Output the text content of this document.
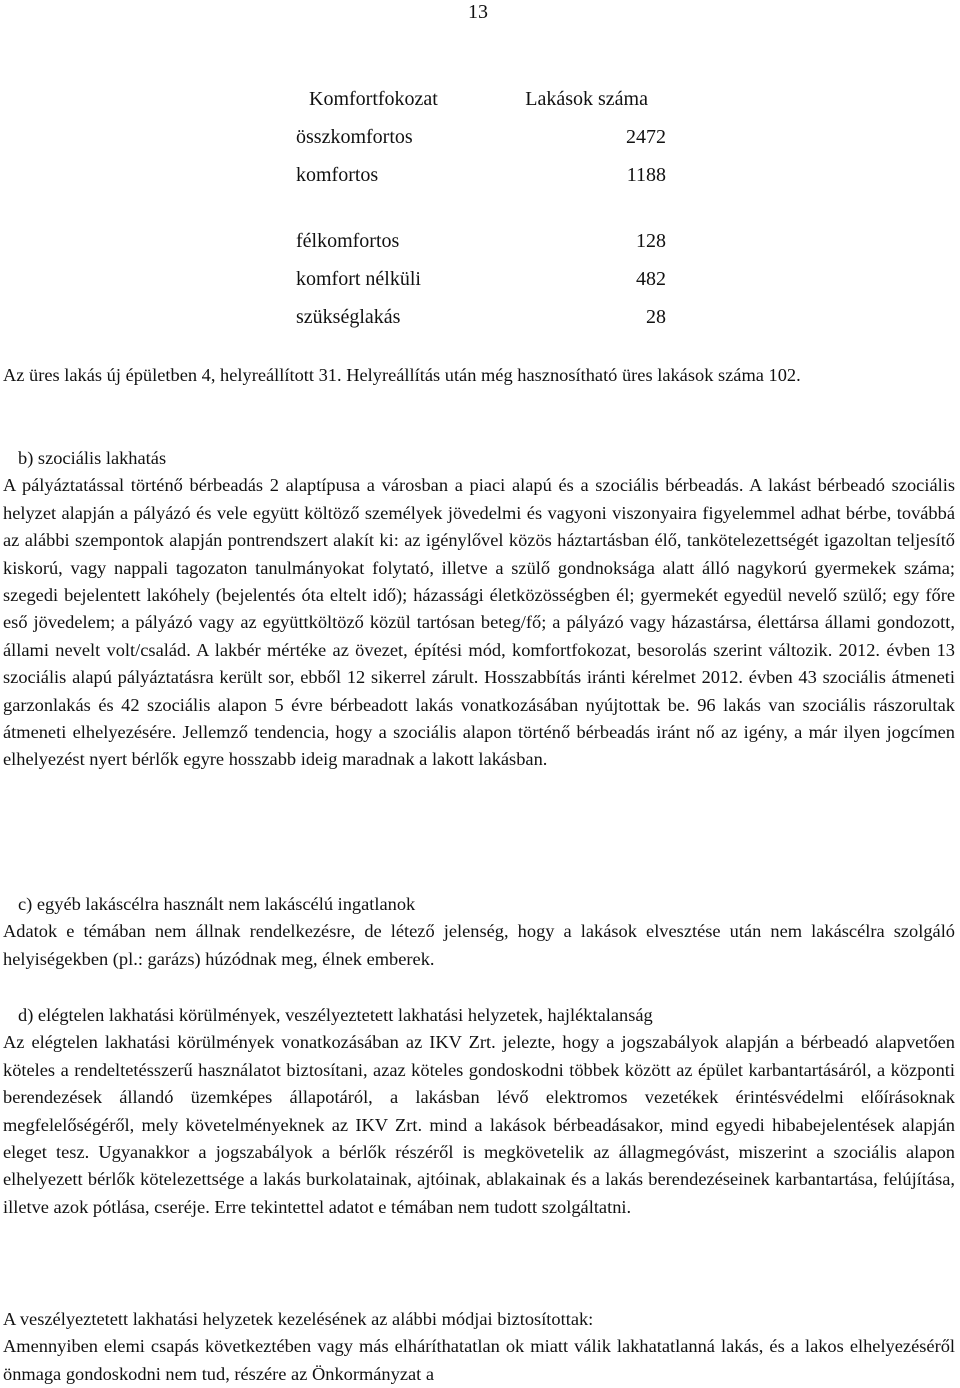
13
Komfortfokozat	Lakások száma
összkomfortos	2472
komfortos	1188
félkomfortos	128
komfort nélküli	482
szükséglakás	28

Az üres lakás új épületben 4, helyreállított 31. Helyreállítás után még hasznosítható üres lakások száma 102.

b) szociális lakhatás

A pályáztatással történő bérbeadás 2 alaptípusa a városban a piaci alapú és a szociális bérbeadás. A lakást bérbeadó szociális helyzet alapján a pályázó és vele együtt költöző személyek jövedelmi és vagyoni viszonyaira figyelemmel adhat bérbe, továbbá az alábbi szempontok alapján pontrendszert alakít ki: az igénylővel közös háztartásban élő, tankötelezettségét igazoltan teljesítő kiskorú, vagy nappali tagozaton tanulmányokat folytató, illetve a szülő gondnoksága alatt álló nagykorú gyermekek száma; szegedi bejelentett lakóhely (bejelentés óta eltelt idő); házassági életközösségben él; gyermekét egyedül nevelő szülő; egy főre eső jövedelem; a pályázó vagy az együttköltöző közül tartósan beteg/fő; a pályázó vagy házastársa, élettársa állami gondozott, állami nevelt volt/család. A lakbér mértéke az övezet, építési mód, komfortfokozat, besorolás szerint változik. 2012. évben 13 szociális alapú pályáztatásra került sor, ebből 12 sikerrel zárult. Hosszabbítás iránti kérelmet 2012. évben 43 szociális átmeneti garzonlakás és 42 szociális alapon 5 évre bérbeadott lakás vonatkozásában nyújtottak be. 96 lakás van szociális rászorultak átmeneti elhelyezésére. Jellemző tendencia, hogy a szociális alapon történő bérbeadás iránt nő az igény, a már ilyen jogcímen elhelyezést nyert bérlők egyre hosszabb ideig maradnak a lakott lakásban.

c) egyéb lakáscélra használt nem lakáscélú ingatlanok

Adatok e témában nem állnak rendelkezésre, de létező jelenség, hogy a lakások elvesztése után nem lakáscélra szolgáló helyiségekben (pl.: garázs) húzódnak meg, élnek emberek.

d) elégtelen lakhatási körülmények, veszélyeztetett lakhatási helyzetek, hajléktalanság

Az elégtelen lakhatási körülmények vonatkozásában az IKV Zrt. jelezte, hogy a jogszabályok alapján a bérbeadó alapvetően köteles a rendeltetésszerű használatot biztosítani, azaz köteles gondoskodni többek között az épület karbantartásáról, a központi berendezések állandó üzemképes állapotáról, a lakásban lévő elektromos vezetékek érintésvédelmi előírásoknak megfelelőségéről, mely követelményeknek az IKV Zrt. mind a lakások bérbeadásakor, mind egyedi hibabejelentések alapján eleget tesz. Ugyanakkor a jogszabályok a bérlők részéről is megkövetelik az állagmegóvást, miszerint a szociális alapon elhelyezett bérlők kötelezettsége a lakás burkolatainak, ajtóinak, ablakainak és a lakás berendezéseinek karbantartása, felújítása, illetve azok pótlása, cseréje. Erre tekintettel adatot e témában nem tudott szolgáltatni.

A veszélyeztetett lakhatási helyzetek kezelésének az alábbi módjai biztosítottak:

Amennyiben elemi csapás következtében vagy más elháríthatatlan ok miatt válik lakhatatlanná lakás, és a lakos elhelyezéséről önmaga gondoskodni nem tud, részére az Önkormányzat a
